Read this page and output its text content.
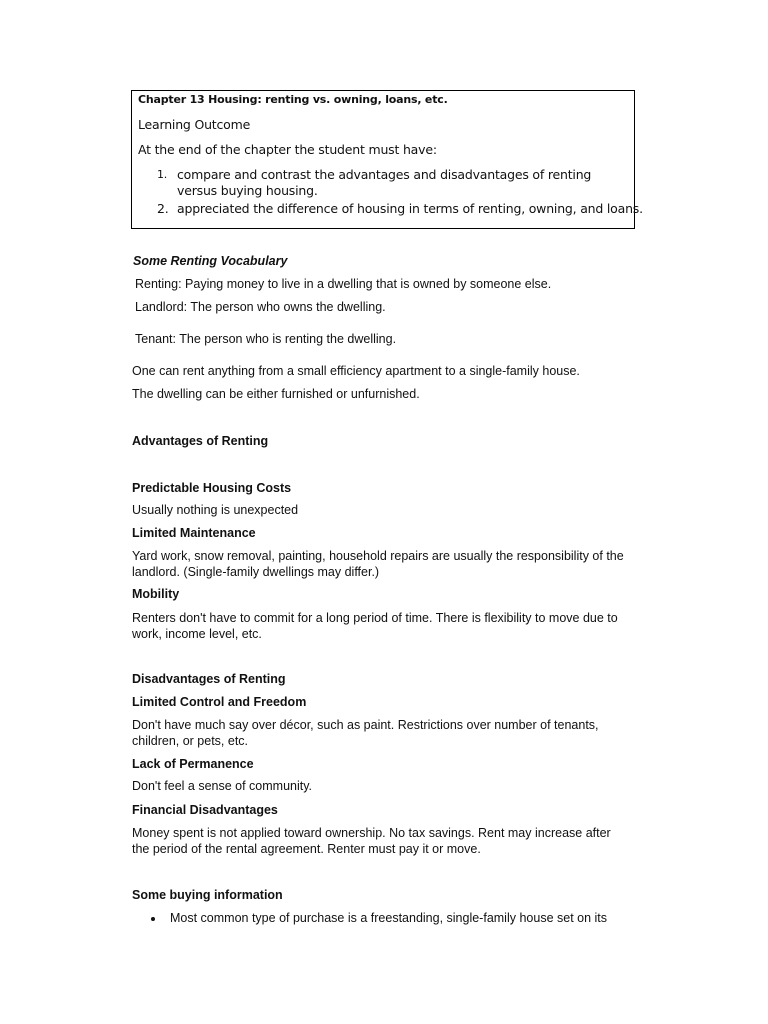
Chapter 13 Housing: renting vs. owning, loans, etc.
Learning Outcome
At the end of the chapter the student must have:
1. compare and contrast the advantages and disadvantages of renting
versus buying housing.
2. appreciated the difference of housing in terms of renting, owning, and loans.
Some Renting Vocabulary
Renting: Paying money to live in a dwelling that is owned by someone else.
Landlord: The person who owns the dwelling.
Tenant: The person who is renting the dwelling.
One can rent anything from a small efficiency apartment to a single-family house.
The dwelling can be either furnished or unfurnished.
Advantages of Renting
Predictable Housing Costs
Usually nothing is unexpected
Limited Maintenance
Yard work, snow removal, painting, household repairs are usually the responsibility of the
landlord. (Single-family dwellings may differ.)
Mobility
Renters don't have to commit for a long period of time. There is flexibility to move due to
work, income level, etc.
Disadvantages of Renting
Limited Control and Freedom
Don't have much say over décor, such as paint. Restrictions over number of tenants,
children, or pets, etc.
Lack of Permanence
Don't feel a sense of community.
Financial Disadvantages
Money spent is not applied toward ownership. No tax savings. Rent may increase after
the period of the rental agreement. Renter must pay it or move.
Some buying information
Most common type of purchase is a freestanding, single-family house set on its
